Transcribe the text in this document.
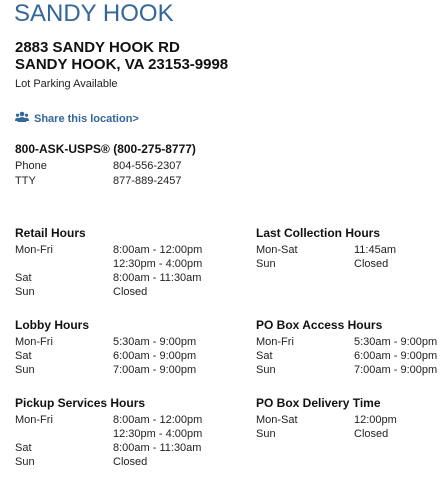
SANDY HOOK
2883 SANDY HOOK RD
SANDY HOOK, VA 23153-9998
Lot Parking Available
Share this location>
800-ASK-USPS® (800-275-8777)
Phone	804-556-2307
TTY	877-889-2457
Retail Hours
Mon-Fri	8:00am - 12:00pm
12:30pm - 4:00pm
Sat	8:00am - 11:30am
Sun	Closed
Last Collection Hours
Mon-Sat	11:45am
Sun	Closed
Lobby Hours
Mon-Fri	5:30am - 9:00pm
Sat	6:00am - 9:00pm
Sun	7:00am - 9:00pm
PO Box Access Hours
Mon-Fri	5:30am - 9:00pm
Sat	6:00am - 9:00pm
Sun	7:00am - 9:00pm
Pickup Services Hours
Mon-Fri	8:00am - 12:00pm
12:30pm - 4:00pm
Sat	8:00am - 11:30am
Sun	Closed
PO Box Delivery Time
Mon-Sat	12:00pm
Sun	Closed
